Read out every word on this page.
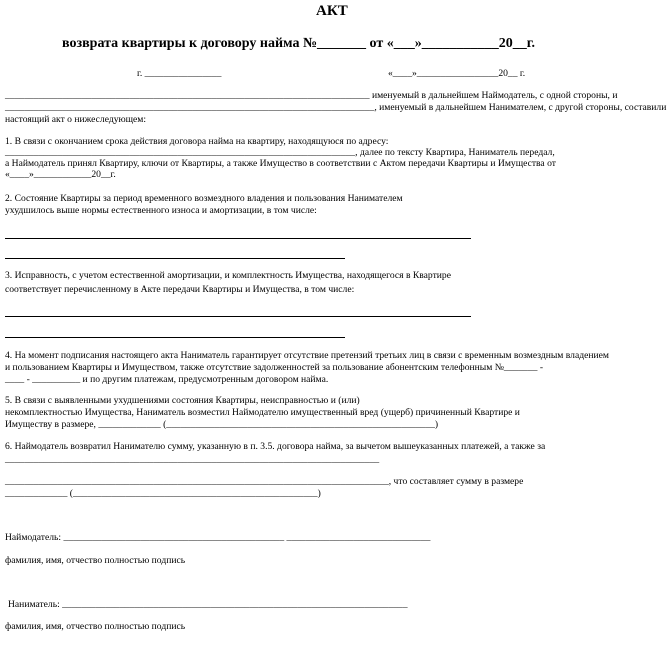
АКТ
возврата квартиры к договору найма №_______ от «___»___________20__г.
г. ________________	«____»_________________20__ г.
____________________________________________________________________________ именуемый в дальнейшем Наймодатель, с одной стороны, и
_____________________________________________________________________________, именуемый в дальнейшем Нанимателем, с другой стороны, составили
настоящий акт о нижеследующем:
1. В связи с окончанием срока действия договора найма на квартиру, находящуюся по адресу:
_________________________________________________________________________, далее по тексту Квартира, Наниматель передал,
а Наймодатель принял Квартиру, ключи от Квартиры, а также Имущество в соответствии с Актом передачи Квартиры и Имущества от
«____»____________20__г.
2. Состояние Квартиры за период временного возмездного владения и пользования Нанимателем
ухудшилось выше нормы естественного износа и амортизации, в том числе:
3. Исправность, с учетом естественной амортизации, и комплектность Имущества, находящегося в Квартире
соответствует перечисленному в Акте передачи Квартиры и Имущества, в том числе:
4. На момент подписания настоящего акта Наниматель гарантирует отсутствие претензий третьих лиц в связи с временным возмездным владением
и пользованием Квартиры и Имуществом, также отсутствие задолженностей за пользование абонентским телефонным №_______ -
____ - __________ и по другим платежам, предусмотренным договором найма.
5. В связи с выявленными ухудшениями состояния Квартиры, неисправностью и (или)
некомплектностью Имущества, Наниматель возместил Наймодателю имущественный вред (ущерб) причиненный Квартире и
Имуществу в размере, _____________ (________________________________________________________)
6. Наймодатель возвратил Нанимателю сумму, указанную в п. 3.5. договора найма, за вычетом вышеуказанных платежей, а также за
______________________________________________________________________________
________________________________________________________________________________, что составляет сумму в размере
_____________ (___________________________________________________)
Наймодатель: ______________________________________________ ______________________________
фамилия, имя, отчество полностью подпись
Наниматель: ________________________________________________________________________
фамилия, имя, отчество полностью подпись
